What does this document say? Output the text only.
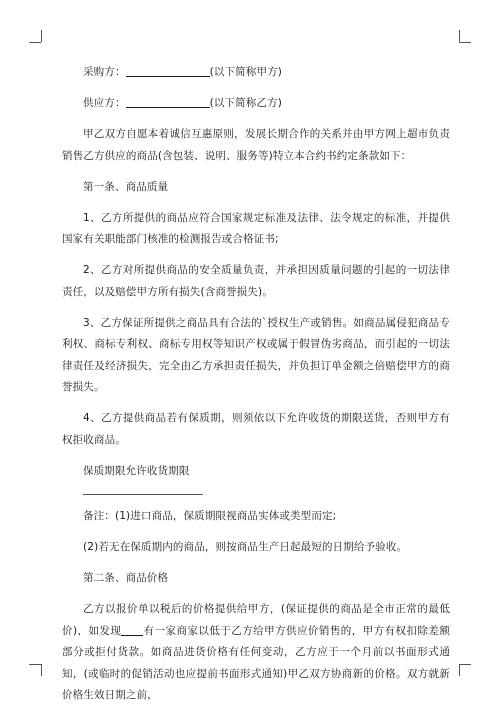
采购方：	(以下简称甲方)

供应方：	(以下简称乙方)

甲乙双方自愿本着诚信互惠原则，发展长期合作的关系并由甲方网上超市负责销售乙方供应的商品(含包装、说明、服务等)特立本合约书约定条款如下：

第一条、商品质量

1、乙方所提供的商品应符合国家规定标准及法律、法令规定的标准，并提供国家有关职能部门核准的检测报告或合格证书;

2、乙方对所提供商品的安全质量负责，并承担因质量问题的引起的一切法律责任，以及赔偿甲方所有损失(含商誉损失)。

3、乙方保证所提供之商品具有合法的`授权生产或销售。如商品属侵犯商品专利权、商标专利权、商标专用权等知识产权或属于假冒伪劣商品，而引起的一切法律责任及经济损失，完全由乙方承担责任损失，并负担订单金额之倍赔偿甲方的商誉损失。

4、乙方提供商品若有保质期，则须依以下允许收货的期限送货，否则甲方有权拒收商品。

保质期限允许收货期限

备注：(1)进口商品，保质期限视商品实体或类型而定;

(2)若无在保质期内的商品，则按商品生产日起最短的日期给予验收。

第二条、商品价格

乙方以报价单以税后的价格提供给甲方，(保证提供的商品是全市正常的最低价)，如发现 有一家商家以低于乙方给甲方供应价销售的，甲方有权扣除差额部分或拒付货款。如商品进货价格有任何变动，乙方应于一个月前以书面形式通知，(或临时的促销活动也应提前书面形式通知)甲乙双方协商新的价格。双方就新价格生效日期之前，
